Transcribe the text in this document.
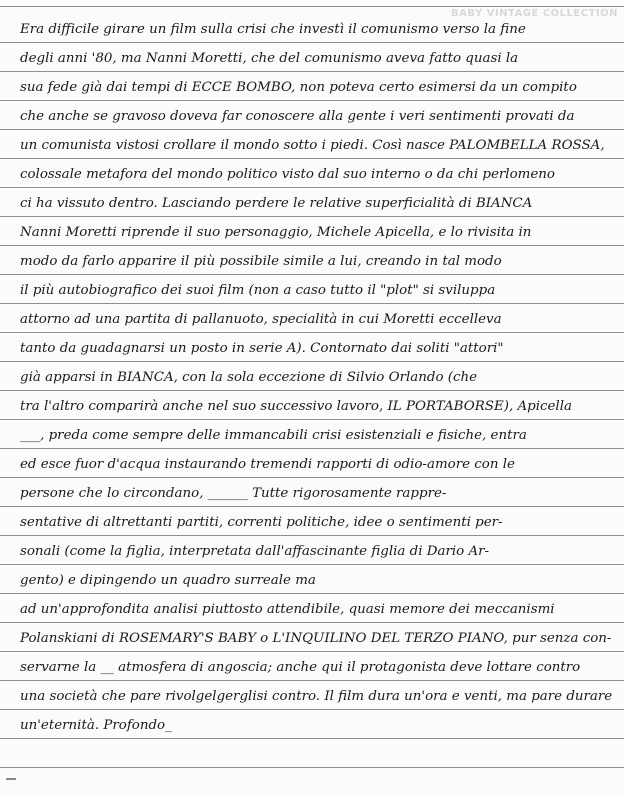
BABY VINTAGE COLLECTION
Era difficile girare un film sulla crisi che investì il comunismo verso la fine
degli anni '80, ma Nanni Moretti, che del comunismo aveva fatto quasi la
sua fede già dai tempi di ECCE BOMBO, non poteva certo esimersi da un compito
che anche se gravoso doveva far conoscere alla gente i veri sentimenti provati da
un comunista vistosi crollare il mondo sotto i piedi. Così nasce PALOMBELLA ROSSA,
colossale metafora del mondo politico visto dal suo interno o da chi perlomeno
ci ha vissuto dentro. Lasciando perdere le relative superficialità di BIANCA
Nanni Moretti riprende il suo personaggio, Michele Apicella, e lo rivisita in
modo da farlo apparire il più possibile simile a lui, creando in tal modo
il più autobiografico dei suoi film (non a caso tutto il "plot" si sviluppa
attorno ad una partita di pallanuoto, specialità in cui Moretti eccelleva
tanto da guadagnarsi un posto in serie A). Contornato dai soliti "attori"
già apparsi in BIANCA, con la sola eccezione di Silvio Orlando (che
tra l'altro comparirà anche nel suo successivo lavoro, IL PORTABORSE), Apicella
___, preda come sempre delle immancabili crisi esistenziali e fisiche, entra
ed esce fuor d'acqua instaurando tremendi rapporti di odio-amore con le
persone che lo circondano, ______ Tutte rigorosamente rappre-
sentative di altrettanti partiti, correnti politiche, idee o sentimenti per-
sonali (come la figlia, interpretata dall'affascinante figlia di Dario Ar-
gento) e dipingendo un quadro surreale ma
ad un'approfondita analisi piuttosto attendibile, quasi memore dei meccanismi
Polanskiani di ROSEMARY'S BABY o L'INQUILINO DEL TERZO PIANO, pur senza con-
servarne la __ atmosfera di angoscia; anche qui il protagonista deve lottare contro
una società che pare rivolgelgerglisi contro. Il film dura un'ora e venti, ma pare durare
un'eternità. Profondo_
